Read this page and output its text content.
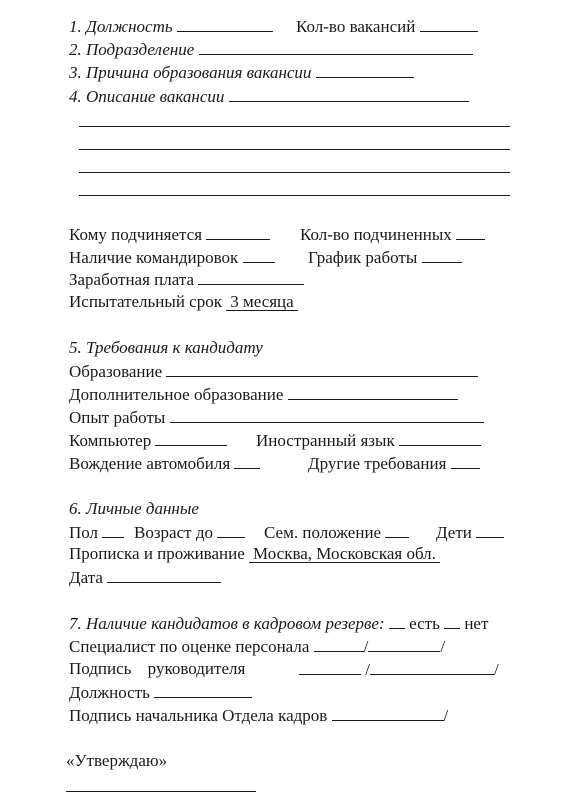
1. Должность	Кол-во вакансий
2. Подразделение
3. Причина образования вакансии
4. Описание вакансии
Кому подчиняется	Кол-во подчиненных
Наличие командировок	График работы
Заработная плата
Испытательный срок 3 месяца
5. Требования к кандидату
Образование
Дополнительное образование
Опыт работы
Компьютер	Иностранный язык
Вождение автомобиля	Другие требования
6. Личные данные
Пол	Возраст до	Сем. положение	Дети
Прописка и проживание Москва, Московская обл.
Дата
7. Наличие кандидатов в кадровом резерве: есть нет
Специалист по оценке персонала	/	/
Подпись руководителя	/	/
Должность
Подпись начальника Отдела кадров	/
«Утверждаю»
